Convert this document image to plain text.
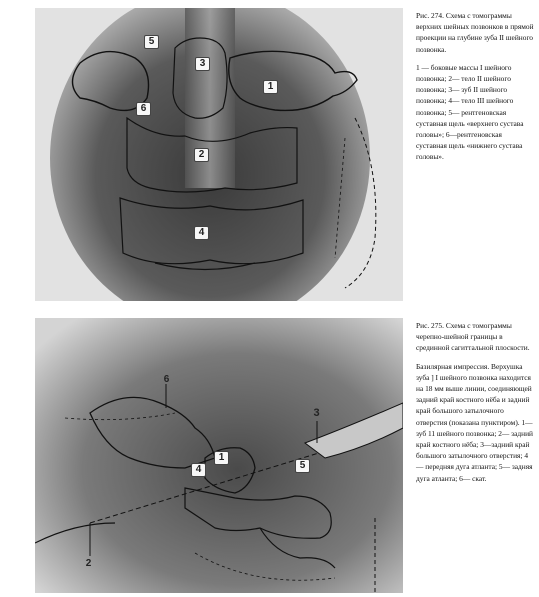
5
3
1
6
2
4
6
3
1
4	5
2

Рис. 274. Схема с томограммы верхних шейных позвонков в прямой проекции на глубине зуба II шейного позвонка.

1 — боковые массы I шейного позвонка; 2— тело II шейного позвонка; 3— зуб II шейного позвонка; 4— тело III шейного позвонка; 5— рентгеновская суставная щель «верхнего сустава головы»; 6—рентгеновская суставная щель «нижнего сустава головы».

Рис. 275. Схема с томограммы черепно-шейной границы в срединной сагиттальной плоскости.

Базилярная импрессия. Верхушка зуба ] I шейного позвонка находится на 18 мм выше линии, соединяющей задний край костного нёба и задний край большого затылочного отверстия (показана пунктиром). 1—зуб 11 шейного позвонка; 2— задний край костного нёба; 3—задний край большого затылочного отверстия; 4— передняя дуга атланта; 5— задняя дуга атланта; 6— скат.
